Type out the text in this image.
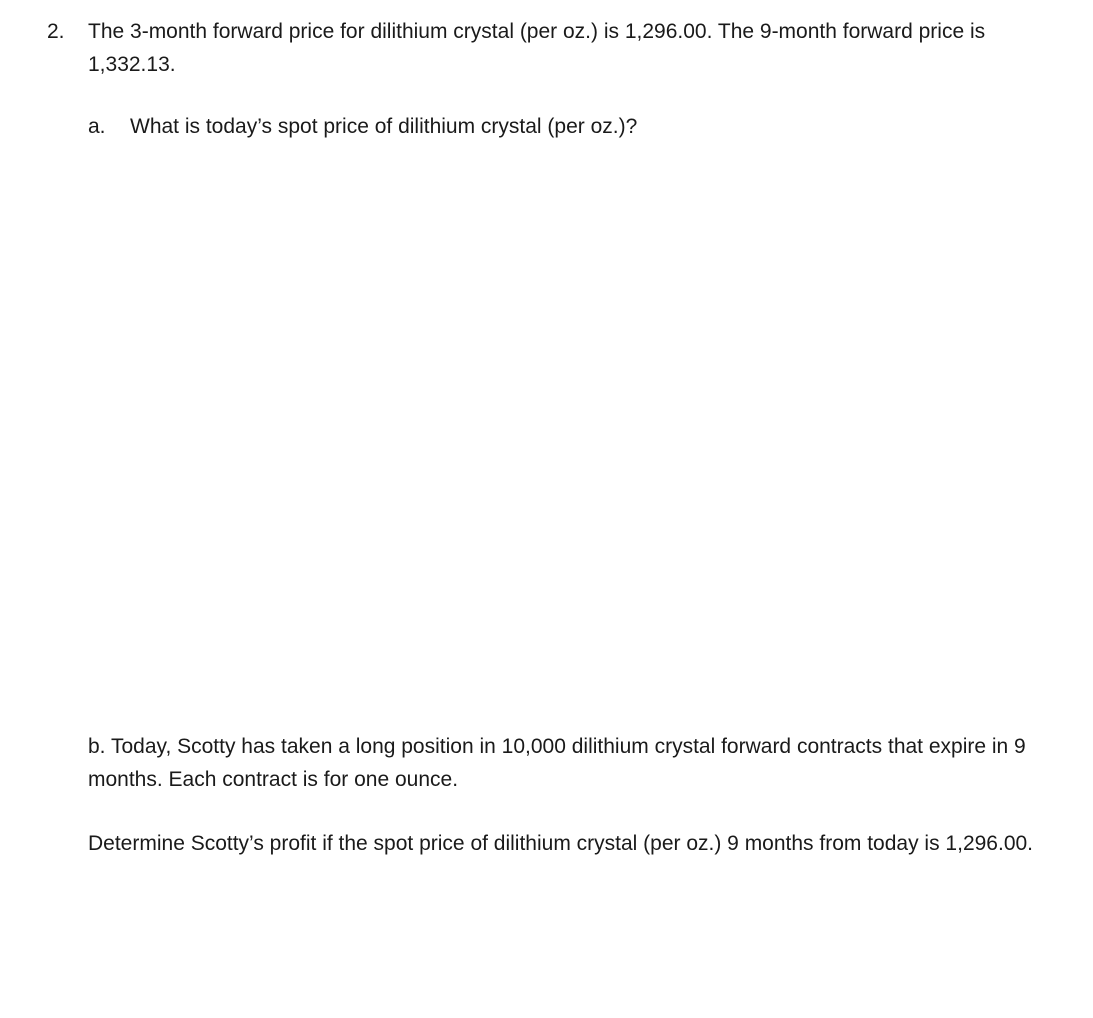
2. The 3-month forward price for dilithium crystal (per oz.) is 1,296.00. The 9-month forward price is 1,332.13.
a. What is today’s spot price of dilithium crystal (per oz.)?
b. Today, Scotty has taken a long position in 10,000 dilithium crystal forward contracts that expire in 9 months. Each contract is for one ounce.
Determine Scotty’s profit if the spot price of dilithium crystal (per oz.) 9 months from today is 1,296.00.
